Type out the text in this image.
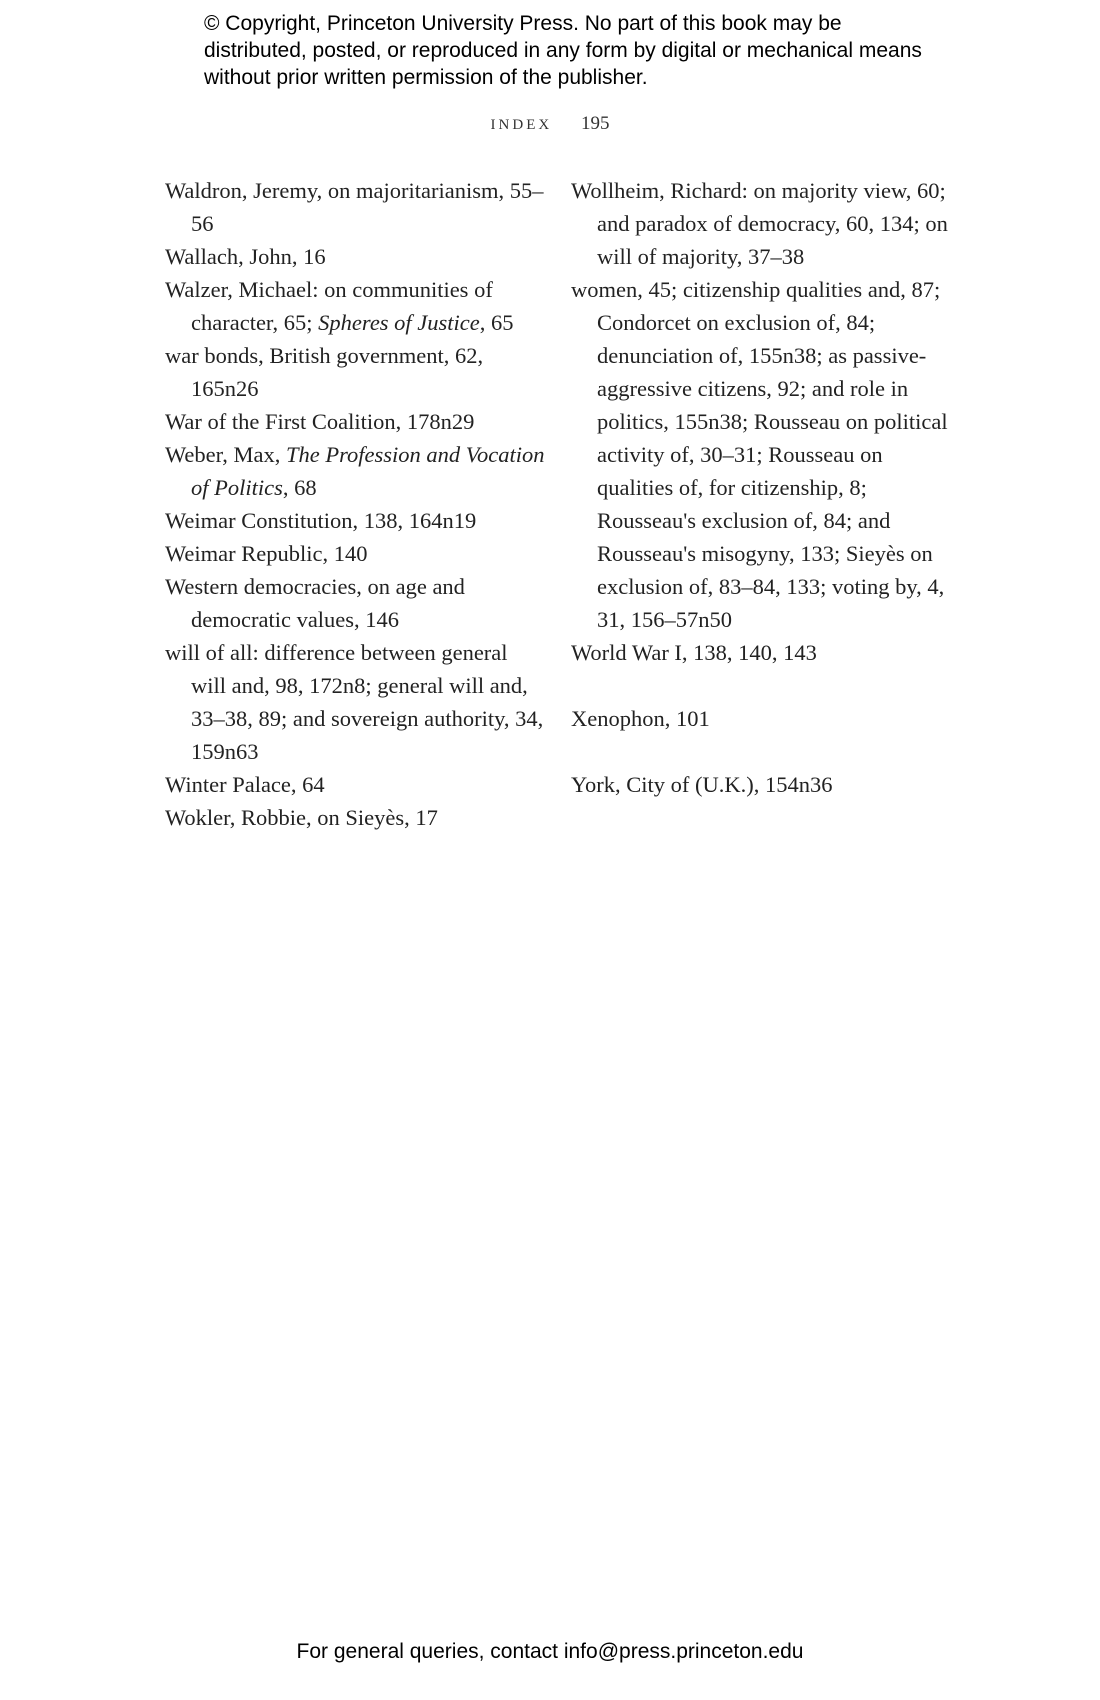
© Copyright, Princeton University Press. No part of this book may be distributed, posted, or reproduced in any form by digital or mechanical means without prior written permission of the publisher.
INDEX 195
Waldron, Jeremy, on majoritarianism, 55–56
Wallach, John, 16
Walzer, Michael: on communities of character, 65; Spheres of Justice, 65
war bonds, British government, 62, 165n26
War of the First Coalition, 178n29
Weber, Max, The Profession and Vocation of Politics, 68
Weimar Constitution, 138, 164n19
Weimar Republic, 140
Western democracies, on age and democratic values, 146
will of all: difference between general will and, 98, 172n8; general will and, 33–38, 89; and sovereign authority, 34, 159n63
Winter Palace, 64
Wokler, Robbie, on Sieyès, 17
Wollheim, Richard: on majority view, 60; and paradox of democracy, 60, 134; on will of majority, 37–38
women, 45; citizenship qualities and, 87; Condorcet on exclusion of, 84; denunciation of, 155n38; as passive-aggressive citizens, 92; and role in politics, 155n38; Rousseau on political activity of, 30–31; Rousseau on qualities of, for citizenship, 8; Rousseau's exclusion of, 84; and Rousseau's misogyny, 133; Sieyès on exclusion of, 83–84, 133; voting by, 4, 31, 156–57n50
World War I, 138, 140, 143
Xenophon, 101
York, City of (U.K.), 154n36
For general queries, contact info@press.princeton.edu
